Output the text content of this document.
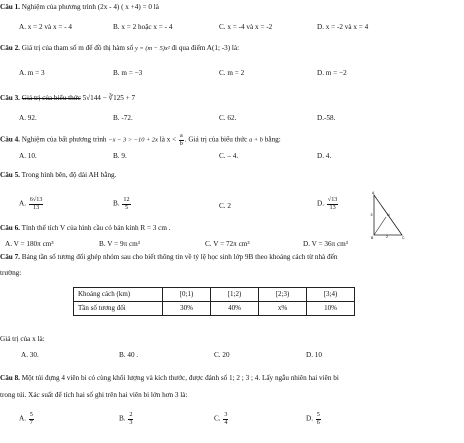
Câu 1. Nghiệm của phương trình (2x - 4) ( x +4) = 0 là
A. x = 2 và x = - 4	B. x = 2 hoặc x = - 4	C. x = -4 và x = -2	D. x = -2 và x = 4
Câu 2. Giá trị của tham số m để đồ thị hàm số y = (m − 5)x² đi qua điểm A(1; -3) là:
A. m = 3	B. m = −3	C. m = 2	D. m = −2
Câu 3. Giá trị của biểu thức 5√144 − ∛125 + 7
A. 92.	B. -72.	C. 62.	D.-58.
Câu 4. Nghiệm của bất phương trình −x − 3 > −10 + 2x là $x < \frac{a}{b}$ . Giá trị của biểu thức a + b bằng:
A. 10.	B. 9.	C. – 4.	D. 4.
Câu 5. Trong hình bên, độ dài AH bằng.
A. $\frac{6√13}{13}$	B. $\frac{12}{5}$	C. 2	D. $\frac{√13}{13}$
A
B	C
H
3
2
Câu 6. Tính thể tích V của hình cầu có bán kính R = 3 cm .
A. V = 180π cm³	B. V = 9π cm³	C. V = 72π cm³	D. V = 36π cm³
Câu 7. Bảng tần số tương đối ghép nhóm sau cho biết thông tin về tỷ lệ học sinh lớp 9B theo khoảng cách từ nhà đến
trường:
Khoảng cách (km)	[0;1)	[1;2)	[2;3)	[3;4)
Tần số tương đối	30%	40%	x%	10%
Giá trị của x là:
A. 30.	B. 40 .	C. 20	D. 10
Câu 8. Một túi đựng 4 viên bi có cùng khối lượng và kích thước, được đánh số 1; 2 ; 3 ; 4. Lấy ngẫu nhiên hai viên bi
trong túi. Xác suất để tích hai số ghi trên hai viên bi lớn hơn 3 là:
A. $\frac{5}{7}$	B. $\frac{2}{3}$	C. $\frac{3}{4}$	D. $\frac{5}{6}$
